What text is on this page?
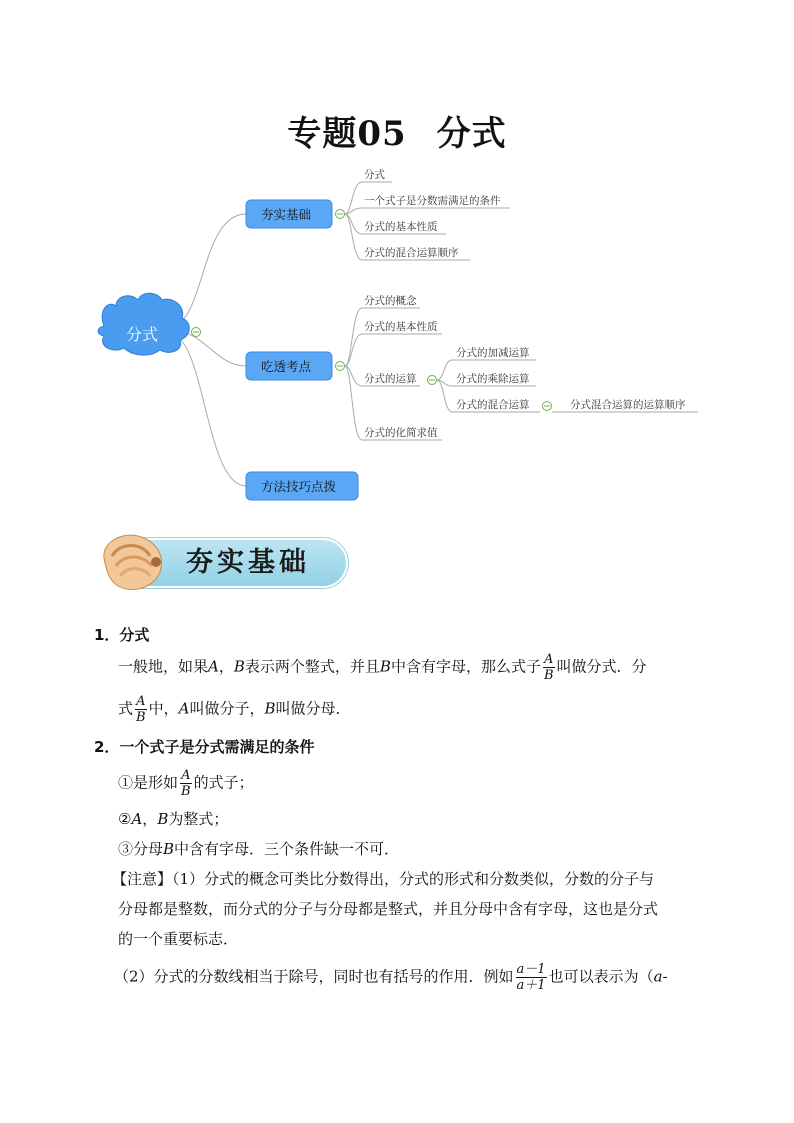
专题05 分式
分式
夯实基础
分式
一个式子是分数需满足的条件
分式的基本性质
分式的混合运算顺序
吃透考点
分式的概念
分式的基本性质
分式的运算
分式的化简求值
分式的加减运算
分式的乘除运算
分式的混合运算	分式混合运算的运算顺序
方法技巧点拨
夯实基础
1．分式
一般地，如果A，B表示两个整式，并且B中含有字母，那么式子 $\frac{A}{B}$ 叫做分式．分
式 $\frac{A}{B}$ 中，A叫做分子，B叫做分母．
2．一个式子是分式需满足的条件
①是形如 $\frac{A}{B}$ 的式子；
②A，B为整式；
③分母B中含有字母．三个条件缺一不可．
【注意】（1）分式的概念可类比分数得出，分式的形式和分数类似，分数的分子与
分母都是整数，而分式的分子与分母都是整式，并且分母中含有字母，这也是分式
的一个重要标志．
（2）分式的分数线相当于除号，同时也有括号的作用．例如 $\frac{a-1}{a+1}$ 也可以表示为（a-
